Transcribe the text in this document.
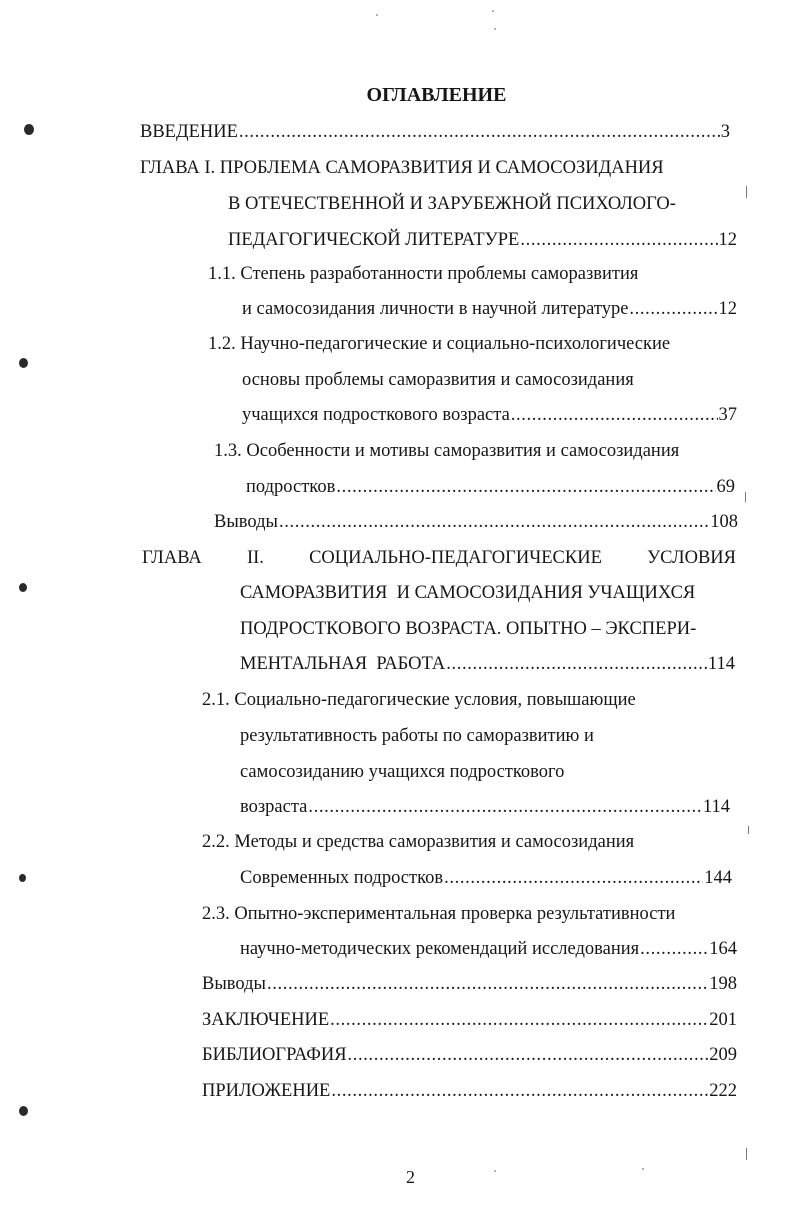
ОГЛАВЛЕНИЕ
ВВЕДЕНИЕ . . .	3
ГЛАВА I. ПРОБЛЕМА САМОРАЗВИТИЯ И САМОСОЗИДАНИЯ
В ОТЕЧЕСТВЕННОЙ И ЗАРУБЕЖНОЙ ПСИХОЛОГО-
ПЕДАГОГИЧЕСКОЙ ЛИТЕРАТУРЕ . . .	12
1.1. Степень разработанности проблемы саморазвития
и самосозидания личности в научной литературе . . .	12
1.2. Научно-педагогические и социально-психологические
основы проблемы саморазвития и самосозидания
учащихся подросткового возраста . . .	37
1.3. Особенности и мотивы саморазвития и самосозидания
подростков . . .	69
Выводы . . .	108
ГЛАВА     II.     СОЦИАЛЬНО-ПЕДАГОГИЧЕСКИЕ     УСЛОВИЯ
САМОРАЗВИТИЯ  И САМОСОЗИДАНИЯ УЧАЩИХСЯ
ПОДРОСТКОВОГО ВОЗРАСТА. ОПЫТНО – ЭКСПЕРИ-
МЕНТАЛЬНАЯ  РАБОТА . . .	114
2.1. Социально-педагогические условия, повышающие
результативность работы по саморазвитию и
самосозиданию учащихся подросткового
возраста . . .	114
2.2. Методы и средства саморазвития и самосозидания
Современных подростков . . .	144
2.3. Опытно-экспериментальная проверка результативности
научно-методических рекомендаций исследования . . .	164
Выводы . . .	198
ЗАКЛЮЧЕНИЕ . . .	201
БИБЛИОГРАФИЯ . . .	209
ПРИЛОЖЕНИЕ . . .	222
2
